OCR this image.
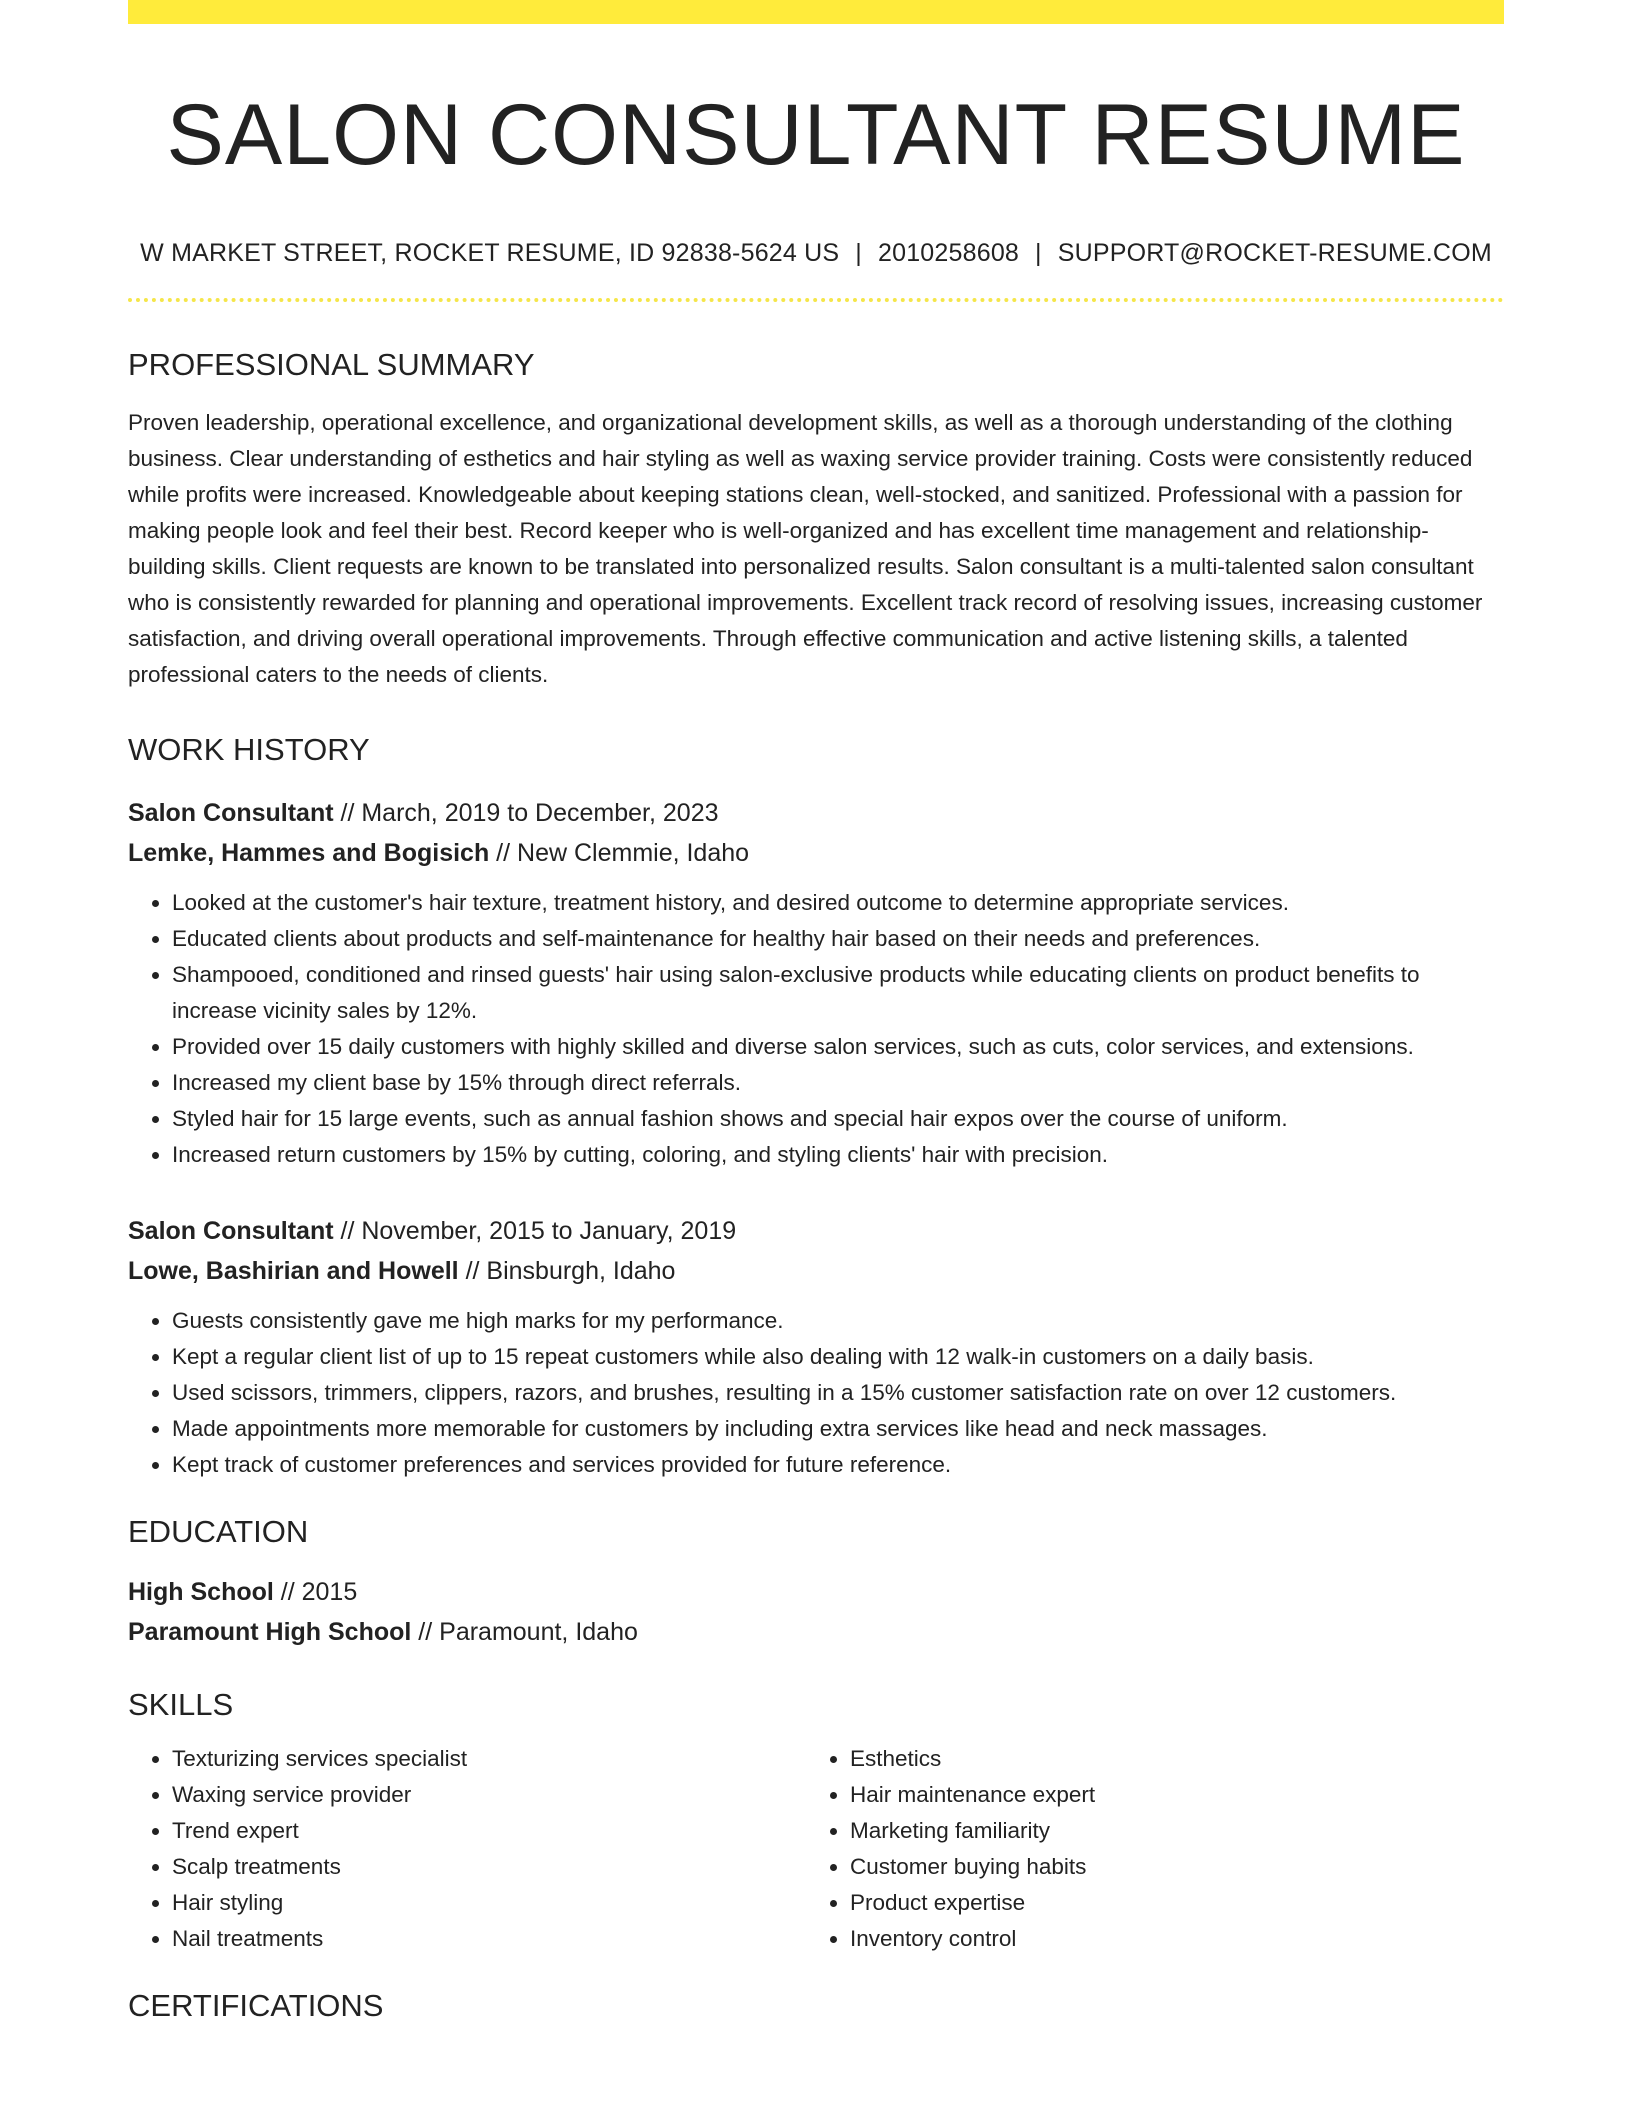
SALON CONSULTANT RESUME
W MARKET STREET, ROCKET RESUME, ID 92838-5624 US | 2010258608 | SUPPORT@ROCKET-RESUME.COM
PROFESSIONAL SUMMARY
Proven leadership, operational excellence, and organizational development skills, as well as a thorough understanding of the clothing business. Clear understanding of esthetics and hair styling as well as waxing service provider training. Costs were consistently reduced while profits were increased. Knowledgeable about keeping stations clean, well-stocked, and sanitized. Professional with a passion for making people look and feel their best. Record keeper who is well-organized and has excellent time management and relationship-building skills. Client requests are known to be translated into personalized results. Salon consultant is a multi-talented salon consultant who is consistently rewarded for planning and operational improvements. Excellent track record of resolving issues, increasing customer satisfaction, and driving overall operational improvements. Through effective communication and active listening skills, a talented professional caters to the needs of clients.
WORK HISTORY
Salon Consultant // March, 2019 to December, 2023
Lemke, Hammes and Bogisich // New Clemmie, Idaho
• Looked at the customer's hair texture, treatment history, and desired outcome to determine appropriate services.
• Educated clients about products and self-maintenance for healthy hair based on their needs and preferences.
• Shampooed, conditioned and rinsed guests' hair using salon-exclusive products while educating clients on product benefits to increase vicinity sales by 12%.
• Provided over 15 daily customers with highly skilled and diverse salon services, such as cuts, color services, and extensions.
• Increased my client base by 15% through direct referrals.
• Styled hair for 15 large events, such as annual fashion shows and special hair expos over the course of uniform.
• Increased return customers by 15% by cutting, coloring, and styling clients' hair with precision.
Salon Consultant // November, 2015 to January, 2019
Lowe, Bashirian and Howell // Binsburgh, Idaho
• Guests consistently gave me high marks for my performance.
• Kept a regular client list of up to 15 repeat customers while also dealing with 12 walk-in customers on a daily basis.
• Used scissors, trimmers, clippers, razors, and brushes, resulting in a 15% customer satisfaction rate on over 12 customers.
• Made appointments more memorable for customers by including extra services like head and neck massages.
• Kept track of customer preferences and services provided for future reference.
EDUCATION
High School // 2015
Paramount High School // Paramount, Idaho
SKILLS
• Texturizing services specialist
• Waxing service provider
• Trend expert
• Scalp treatments
• Hair styling
• Nail treatments
• Esthetics
• Hair maintenance expert
• Marketing familiarity
• Customer buying habits
• Product expertise
• Inventory control
CERTIFICATIONS
